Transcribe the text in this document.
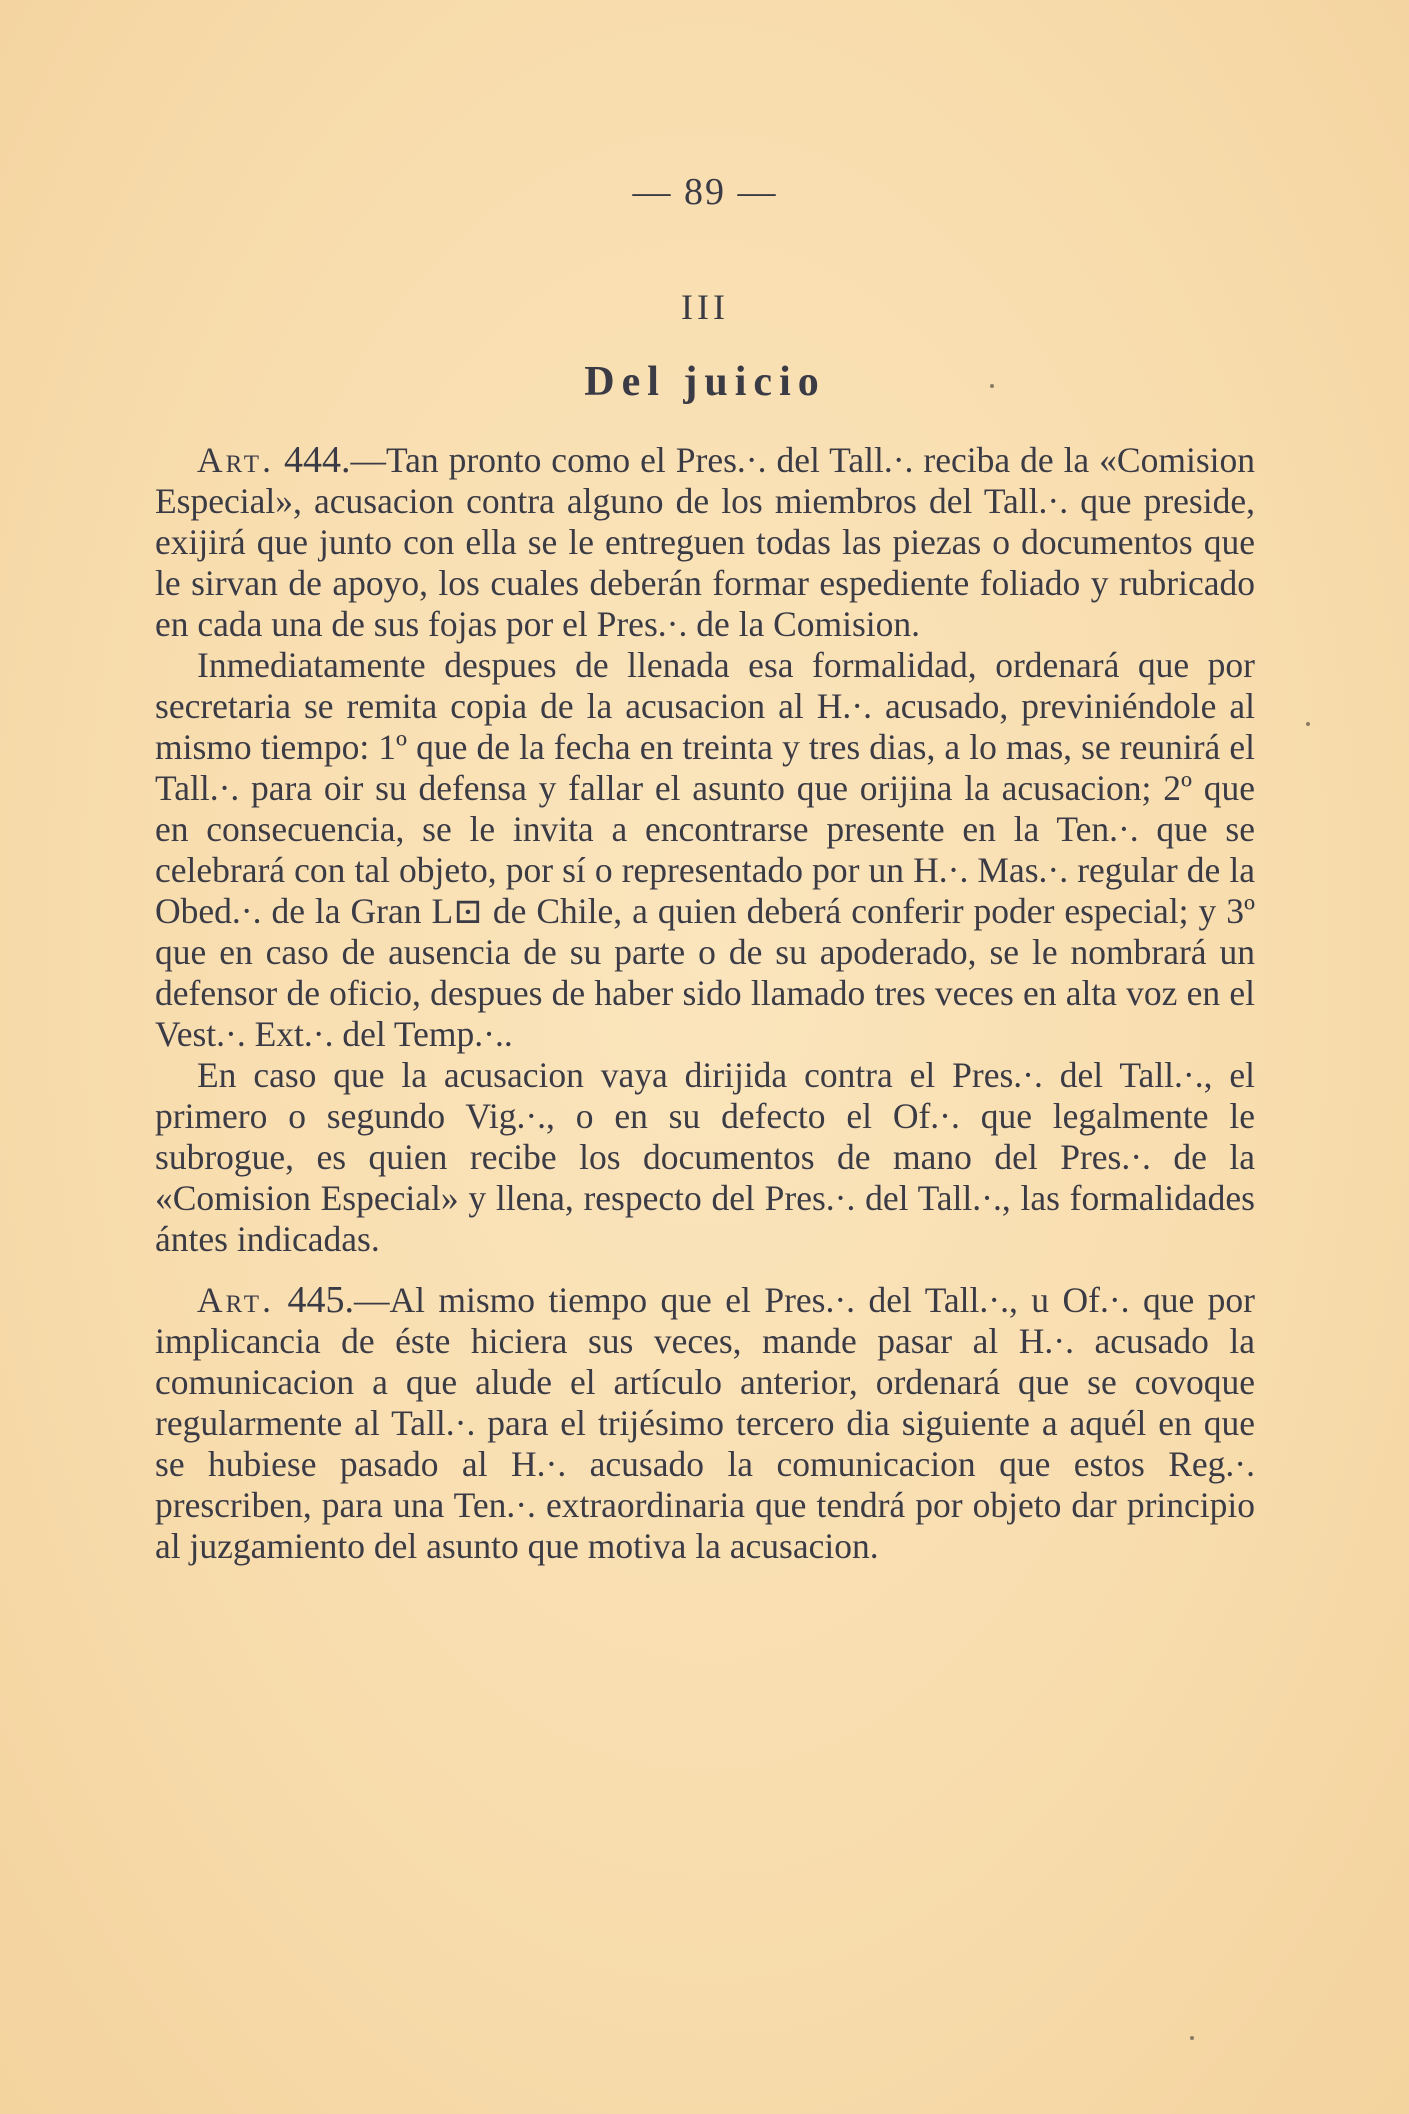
— 89 —
III
Del juicio

Art. 444.—Tan pronto como el Pres.·. del Tall.·. reciba de la «Comision Especial», acusacion contra alguno de los miembros del Tall.·. que preside, exijirá que junto con ella se le entreguen todas las piezas o documentos que le sirvan de apoyo, los cuales deberán formar espediente foliado y rubricado en cada una de sus fojas por el Pres.·. de la Comision.

Inmediatamente despues de llenada esa formalidad, ordenará que por secretaria se remita copia de la acusacion al H.·. acusado, previniéndole al mismo tiempo: 1º que de la fecha en treinta y tres dias, a lo mas, se reunirá el Tall.·. para oir su defensa y fallar el asunto que orijina la acusacion; 2º que en consecuencia, se le invita a encontrarse presente en la Ten.·. que se celebrará con tal objeto, por sí o representado por un H.·. Mas.·. regular de la Obed.·. de la Gran L⊡ de Chile, a quien deberá conferir poder especial; y 3º que en caso de ausencia de su parte o de su apoderado, se le nombrará un defensor de oficio, despues de haber sido llamado tres veces en alta voz en el Vest.·. Ext.·. del Temp.·..

En caso que la acusacion vaya dirijida contra el Pres.·. del Tall.·., el primero o segundo Vig.·., o en su defecto el Of.·. que legalmente le subrogue, es quien recibe los documentos de mano del Pres.·. de la «Comision Especial» y llena, respecto del Pres.·. del Tall.·., las formalidades ántes indicadas.

Art. 445.—Al mismo tiempo que el Pres.·. del Tall.·., u Of.·. que por implicancia de éste hiciera sus veces, mande pasar al H.·. acusado la comunicacion a que alude el artículo anterior, ordenará que se covoque regularmente al Tall.·. para el trijésimo tercero dia siguiente a aquél en que se hubiese pasado al H.·. acusado la comunicacion que estos Reg.·. prescriben, para una Ten.·. extraordinaria que tendrá por objeto dar principio al juzgamiento del asunto que motiva la acusacion.
